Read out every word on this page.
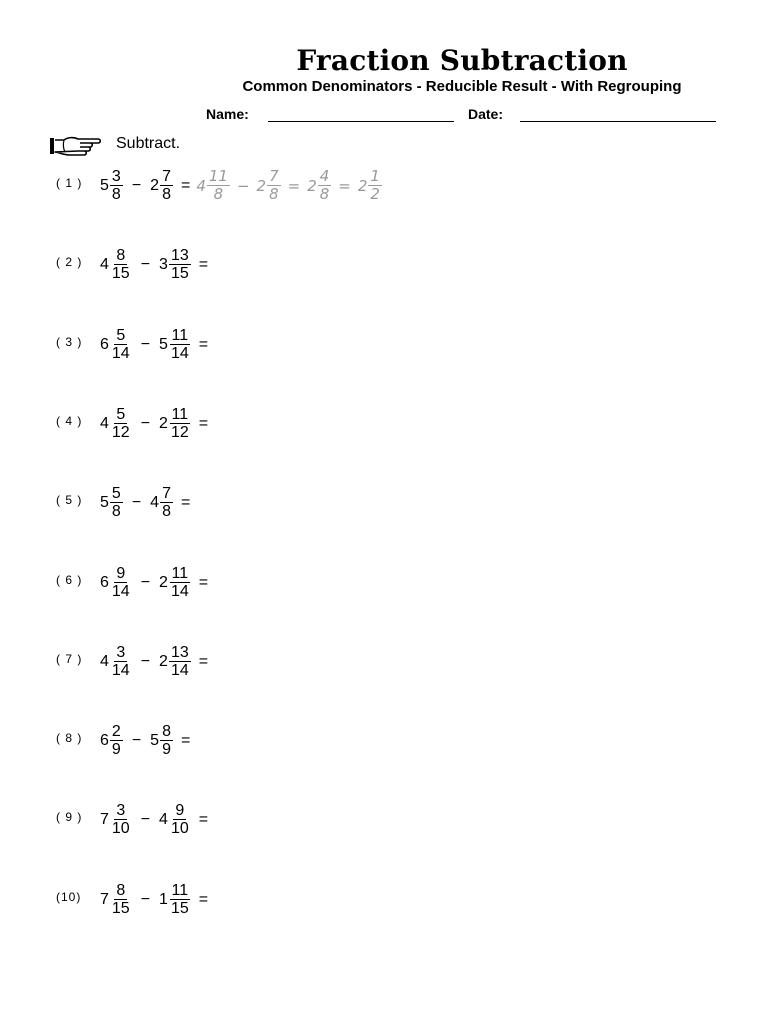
Fraction Subtraction
Common Denominators - Reducible Result - With Regrouping
Name:	Date:
Subtract.
( 1 ) $5 \frac{3}{8} - 2 \frac{7}{8} = 4 \frac{11}{8} - 2 \frac{7}{8} = 2 \frac{4}{8} = 2 \frac{1}{2}$
( 2 ) $4 \frac{8}{15} - 3 \frac{13}{15}$ =
( 3 ) $6 \frac{5}{14} - 5 \frac{11}{14}$ =
( 4 ) $4 \frac{5}{12} - 2 \frac{11}{12}$ =
( 5 ) $5 \frac{5}{8} - 4 \frac{7}{8}$ =
( 6 ) $6 \frac{9}{14} - 2 \frac{11}{14}$ =
( 7 ) $4 \frac{3}{14} - 2 \frac{13}{14}$ =
( 8 ) $6 \frac{2}{9} - 5 \frac{8}{9}$ =
( 9 ) $7 \frac{3}{10} - 4 \frac{9}{10}$ =
(10) $7 \frac{8}{15} - 1 \frac{11}{15}$ =
